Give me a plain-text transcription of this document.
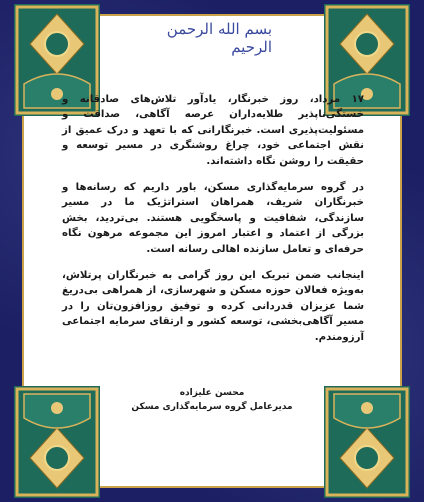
بسم الله الرحمن الرحیم

۱۷ مرداد، روز خبرنگار، یادآور تلاش‌های صادقانه و خستگی‌ناپذیر طلایه‌داران عرصه آگاهی، صداقت و مسئولیت‌پذیری است. خبرنگارانی که با تعهد و درک عمیق از نقش اجتماعی خود، چراغ روشنگری در مسیر توسعه و حقیقت را روشن نگاه داشته‌اند.

در گروه سرمایه‌گذاری مسکن، باور داریم که رسانه‌ها و خبرنگاران شریف، همراهان استراتژیک ما در مسیر سازندگی، شفافیت و پاسخگویی هستند. بی‌تردید، بخش بزرگی از اعتماد و اعتبار امروز این مجموعه مرهون نگاه حرفه‌ای و تعامل سازنده اهالی رسانه است.

اینجانب ضمن تبریک این روز گرامی به خبرنگاران پرتلاش، به‌ویژه فعالان حوزه مسکن و شهرسازی، از همراهی بی‌دریغ شما عزیزان قدردانی کرده و توفیق روزافزون‌تان را در مسیر آگاهی‌بخشی، توسعه کشور و ارتقای سرمایه اجتماعی آرزومندم.

محسن علیزاده
مدیرعامل گروه سرمایه‌گذاری مسکن
